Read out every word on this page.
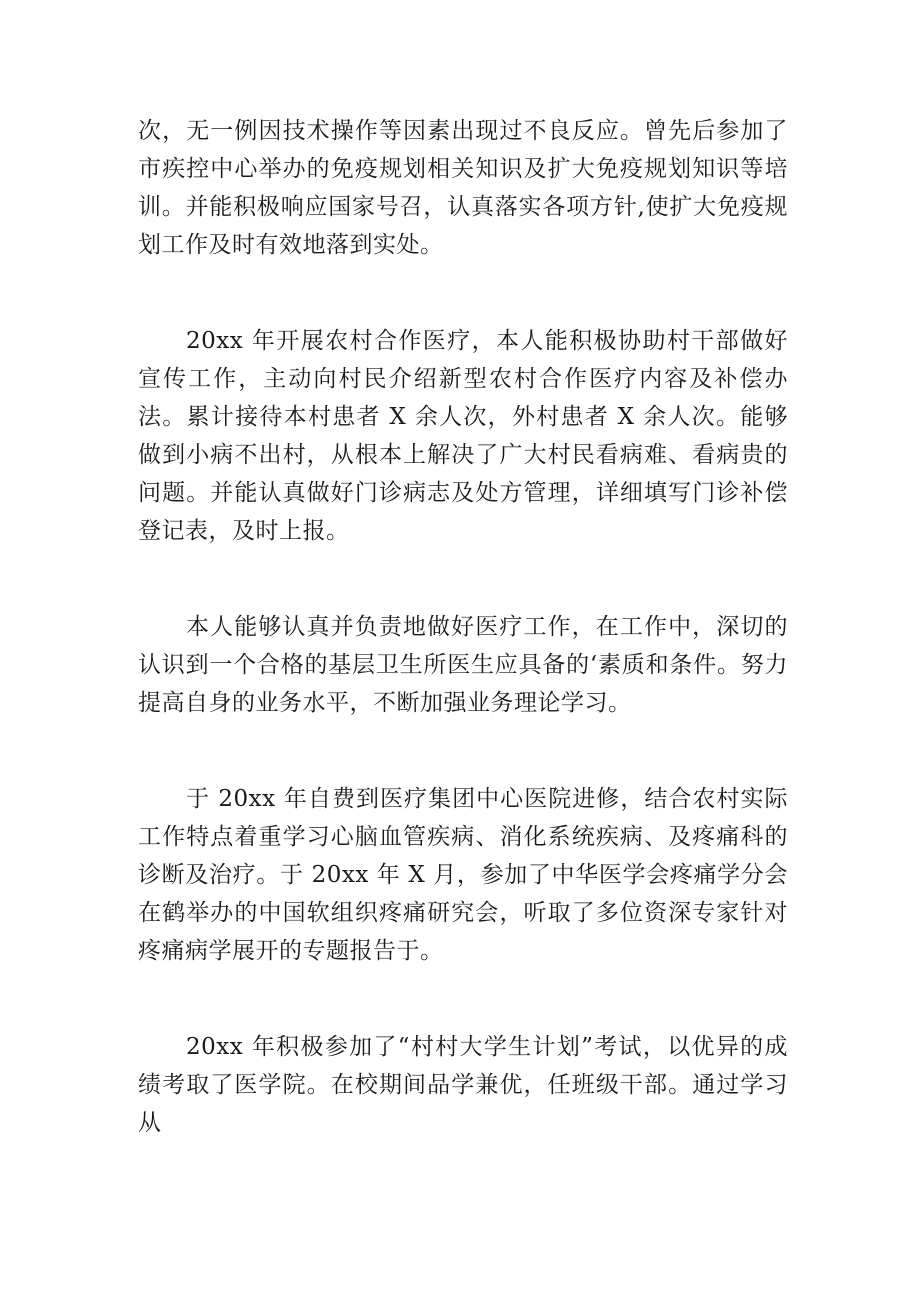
次，无一例因技术操作等因素出现过不良反应。曾先后参加了市疾控中心举办的免疫规划相关知识及扩大免疫规划知识等培训。并能积极响应国家号召，认真落实各项方针,使扩大免疫规划工作及时有效地落到实处。

20xx 年开展农村合作医疗，本人能积极协助村干部做好宣传工作，主动向村民介绍新型农村合作医疗内容及补偿办法。累计接待本村患者 X 余人次，外村患者 X 余人次。能够做到小病不出村，从根本上解决了广大村民看病难、看病贵的问题。并能认真做好门诊病志及处方管理，详细填写门诊补偿登记表，及时上报。

本人能够认真并负责地做好医疗工作，在工作中，深切的认识到一个合格的基层卫生所医生应具备的‘素质和条件。努力提高自身的业务水平，不断加强业务理论学习。

于 20xx 年自费到医疗集团中心医院进修，结合农村实际工作特点着重学习心脑血管疾病、消化系统疾病、及疼痛科的诊断及治疗。于 20xx 年 X 月，参加了中华医学会疼痛学分会在鹤举办的中国软组织疼痛研究会，听取了多位资深专家针对疼痛病学展开的专题报告于。

20xx 年积极参加了“村村大学生计划”考试，以优异的成绩考取了医学院。在校期间品学兼优，任班级干部。通过学习从
